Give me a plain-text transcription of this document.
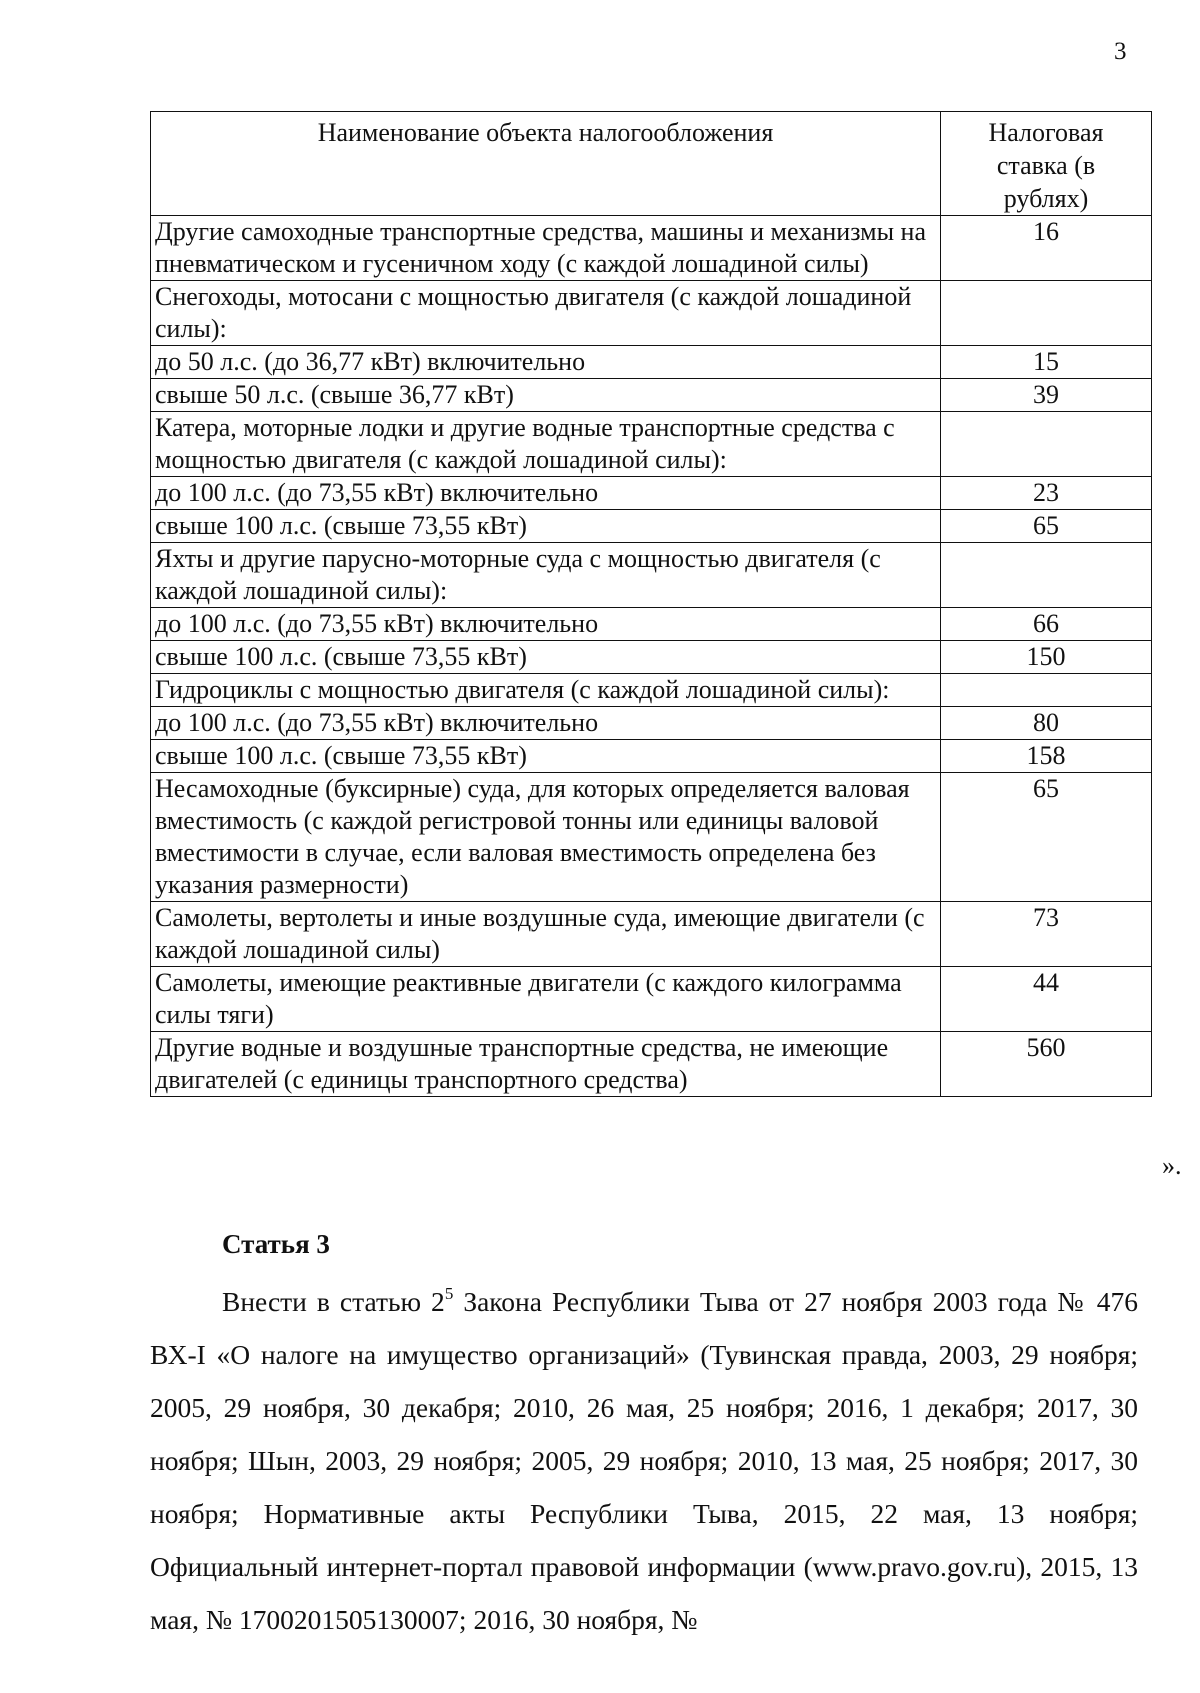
3
Наименование объекта налогообложения	Налоговая ставка (в рублях)

Другие самоходные транспортные средства, машины и механизмы на пневматическом и гусеничном ходу (с каждой лошадиной силы)	16
Снегоходы, мотосани с мощностью двигателя (с каждой лошадиной силы):	
до 50 л.с. (до 36,77 кВт) включительно	15
свыше 50 л.с. (свыше 36,77 кВт)	39
Катера, моторные лодки и другие водные транспортные средства с мощностью двигателя (с каждой лошадиной силы):	
до 100 л.с. (до 73,55 кВт) включительно	23
свыше 100 л.с. (свыше 73,55 кВт)	65
Яхты и другие парусно-моторные суда с мощностью двигателя (с каждой лошадиной силы):	
до 100 л.с. (до 73,55 кВт) включительно	66
свыше 100 л.с. (свыше 73,55 кВт)	150
Гидроциклы с мощностью двигателя (с каждой лошадиной силы):	
до 100 л.с. (до 73,55 кВт) включительно	80
свыше 100 л.с. (свыше 73,55 кВт)	158
Несамоходные (буксирные) суда, для которых определяется валовая вместимость (с каждой регистровой тонны или единицы валовой вместимости в случае, если валовая вместимость определена без указания размерности)	65
Самолеты, вертолеты и иные воздушные суда, имеющие двигатели (с каждой лошадиной силы)	73
Самолеты, имеющие реактивные двигатели (с каждого килограмма силы тяги)	44
Другие водные и воздушные транспортные средства, не имеющие двигателей (с единицы транспортного средства)	560
».
Статья 3

Внести в статью $2^5$ Закона Республики Тыва от 27 ноября 2003 года № 476 ВХ-I «О налоге на имущество организаций» (Тувинская правда, 2003, 29 ноября; 2005, 29 ноября, 30 декабря; 2010, 26 мая, 25 ноября; 2016, 1 декабря; 2017, 30 ноября; Шын, 2003, 29 ноября; 2005, 29 ноября; 2010, 13 мая, 25 ноября; 2017, 30 ноября; Нормативные акты Республики Тыва, 2015, 22 мая, 13 ноября; Официальный интернет-портал правовой информации (www.pravo.gov.ru), 2015, 13 мая, № 1700201505130007; 2016, 30 ноября, №
